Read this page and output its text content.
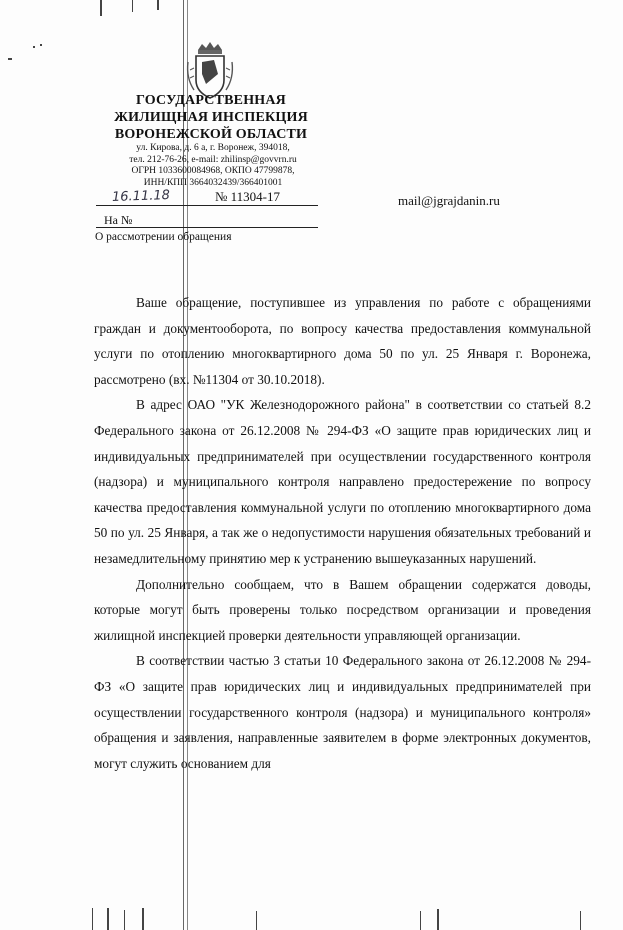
ГОСУДАРСТВЕННАЯ
ЖИЛИЩНАЯ ИНСПЕКЦИЯ
ВОРОНЕЖСКОЙ ОБЛАСТИ
ул. Кирова, д. 6 а, г. Воронеж, 394018,
тел. 212-76-26, e-mail: zhilinsp@govvrn.ru
ОГРН 1033600084968, ОКПО 47799878,
ИНН/КПП 3664032439/366401001
16.11.18	№ 11304-17
На №
О рассмотрении обращения
mail@jgrajdanin.ru

Ваше обращение, поступившее из управления по работе с обращениями граждан и документооборота, по вопросу качества предоставления коммунальной услуги по отоплению многоквартирного дома 50 по ул. 25 Января г. Воронежа, рассмотрено (вх. №11304 от 30.10.2018).

В адрес ОАО "УК Железнодорожного района" в соответствии со статьей 8.2 Федерального закона от 26.12.2008 № 294-ФЗ «О защите прав юридических лиц и индивидуальных предпринимателей при осуществлении государственного контроля (надзора) и муниципального контроля направлено предостережение по вопросу качества предоставления коммунальной услуги по отоплению многоквартирного дома 50 по ул. 25 Января, а так же о недопустимости нарушения обязательных требований и незамедлительному принятию мер к устранению вышеуказанных нарушений.

Дополнительно сообщаем, что в Вашем обращении содержатся доводы, которые могут быть проверены только посредством организации и проведения жилищной инспекцией проверки деятельности управляющей организации.

В соответствии частью 3 статьи 10 Федерального закона от 26.12.2008 № 294-ФЗ «О защите прав юридических лиц и индивидуальных предпринимателей при осуществлении государственного контроля (надзора) и муниципального контроля» обращения и заявления, направленные заявителем в форме электронных документов, могут служить основанием для
